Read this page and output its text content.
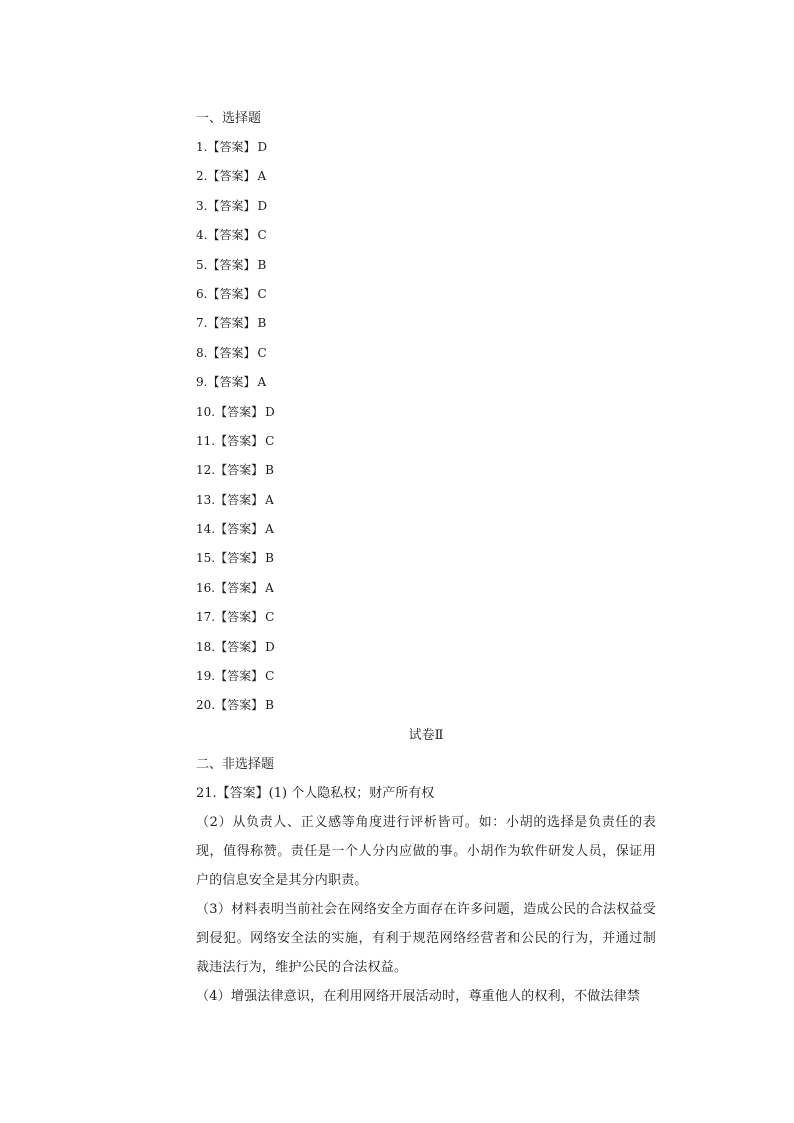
一、选择题
1.【答案】 D
2.【答案】 A
3.【答案】 D
4.【答案】 C
5.【答案】 B
6.【答案】 C
7.【答案】 B
8.【答案】 C
9.【答案】 A
10.【答案】 D
11.【答案】 C
12.【答案】 B
13.【答案】 A
14.【答案】 A
15.【答案】 B
16.【答案】 A
17.【答案】 C
18.【答案】 D
19.【答案】 C
20.【答案】 B
试卷Ⅱ
二、非选择题
21.【答案】(1) 个人隐私权；财产所有权
（2）从负责人、正义感等角度进行评析皆可。如：小胡的选择是负责任的表现，值得称赞。责任是一个人分内应做的事。小胡作为软件研发人员，保证用户的信息安全是其分内职责。
（3）材料表明当前社会在网络安全方面存在许多问题，造成公民的合法权益受到侵犯。网络安全法的实施，有利于规范网络经营者和公民的行为，并通过制裁违法行为，维护公民的合法权益。
（4）增强法律意识，在利用网络开展活动时，尊重他人的权利，不做法律禁
